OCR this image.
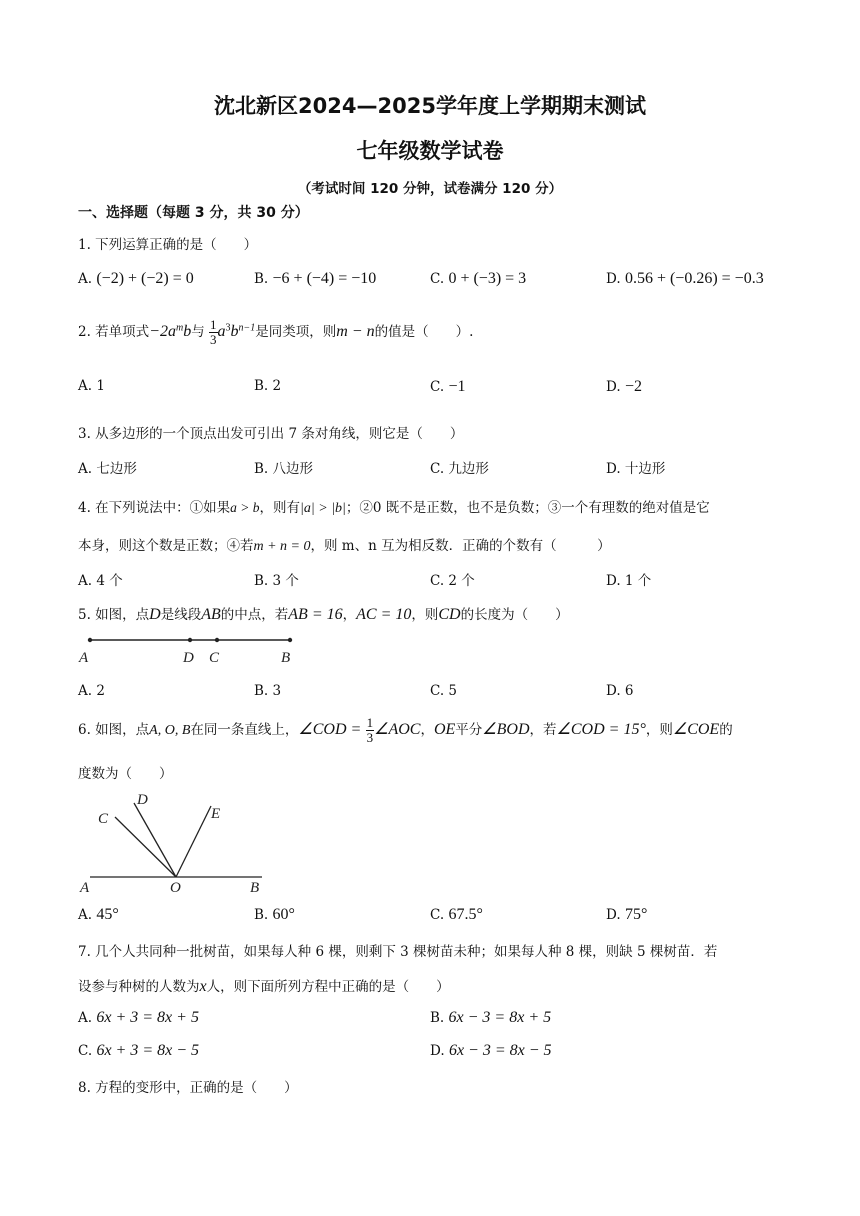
沈北新区2024—2025学年度上学期期末测试
七年级数学试卷
（考试时间 120 分钟，试卷满分 120 分）
一、选择题（每题 3 分，共 30 分）
1. 下列运算正确的是（　　）
A. (−2) + (−2) = 0	B. −6 + (−4) = −10	C. 0 + (−3) = 3	D. 0.56 + (−0.26) = −0.3
2. 若单项式$-2a^mb$与 $\frac{1}{3} a^3b^{n-1}$是同类项，则m − n的值是（　　）.
A. 1	B. 2	C. −1	D. −2
3. 从多边形的一个顶点出发可引出 7 条对角线，则它是（　　）
A. 七边形	B. 八边形	C. 九边形	D. 十边形
4. 在下列说法中：①如果a > b，则有|a| > |b|；②0 既不是正数，也不是负数；③一个有理数的绝对值是它
本身，则这个数是正数；④若m + n = 0，则 m、n 互为相反数．正确的个数有（　　　）
A. 4 个	B. 3 个	C. 2 个	D. 1 个
5. 如图，点D是线段AB的中点，若AB = 16，AC = 10，则CD的长度为（　　）
A	D C	B
A. 2	B. 3	C. 5	D. 6
6. 如图，点A, O, B在同一条直线上，∠COD = $\frac{1}{3}$ ∠AOC，OE平分∠BOD，若∠COD = 15°，则∠COE的
度数为（　　）
A	O	B
C
D
E
A. 45°	B. 60°	C. 67.5°	D. 75°
7. 几个人共同种一批树苗，如果每人种 6 棵，则剩下 3 棵树苗未种；如果每人种 8 棵，则缺 5 棵树苗．若
设参与种树的人数为x人，则下面所列方程中正确的是（　　）
A. 6x + 3 = 8x + 5	B. 6x − 3 = 8x + 5
C. 6x + 3 = 8x − 5	D. 6x − 3 = 8x − 5
8. 方程的变形中，正确的是（　　）
